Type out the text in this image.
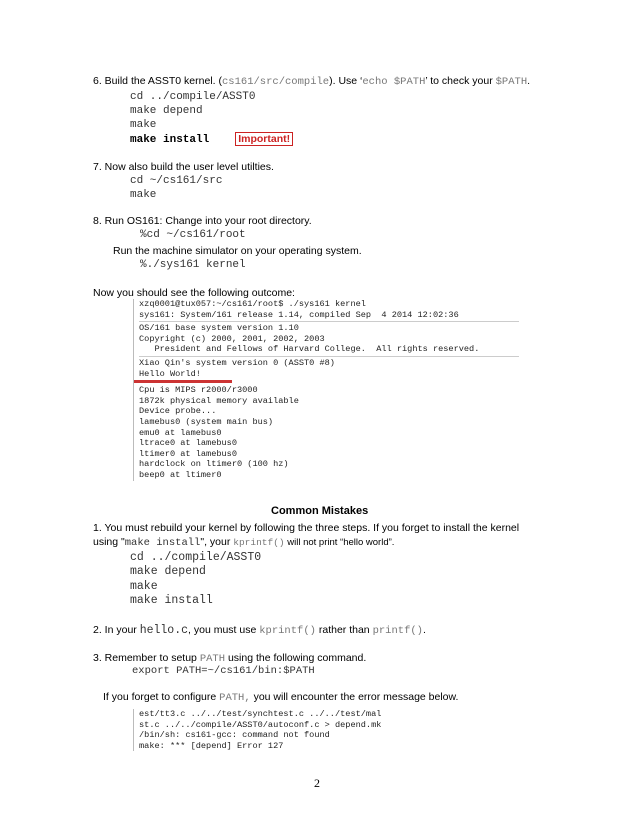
6. Build the ASST0 kernel. (cs161/src/compile). Use ‘echo $PATH’ to check your $PATH.
cd ../compile/ASST0
make depend
make
make install	Important!
7. Now also build the user level utilties.
cd ~/cs161/src
make
8. Run OS161: Change into your root directory.
%cd ~/cs161/root
Run the machine simulator on your operating system.
%./sys161 kernel
Now you should see the following outcome:
xzq0001@tux057:~/cs161/root$ ./sys161 kernel
sys161: System/161 release 1.14, compiled Sep  4 2014 12:02:36
OS/161 base system version 1.10
Copyright (c) 2000, 2001, 2002, 2003
President and Fellows of Harvard College.  All rights reserved.
Xiao Qin's system version 0 (ASST0 #8)
Hello World!
Cpu is MIPS r2000/r3000
1872k physical memory available
Device probe...
lamebus0 (system main bus)
emu0 at lamebus0
ltrace0 at lamebus0
ltimer0 at lamebus0
hardclock on ltimer0 (100 hz)
beep0 at ltimer0
Common Mistakes
1. You must rebuild your kernel by following the three steps. If you forget to install the kernel
using "make install", your kprintf() will not print “hello world”.
cd ../compile/ASST0
make depend
make
make install
2. In your hello.c, you must use kprintf() rather than printf().
3. Remember to setup PATH using the following command.
export PATH=~/cs161/bin:$PATH
If you forget to configure PATH, you will encounter the error message below.
est/tt3.c ../../test/synchtest.c ../../test/mal
st.c ../../compile/ASST0/autoconf.c > depend.mk
/bin/sh: cs161-gcc: command not found
make: *** [depend] Error 127
2
